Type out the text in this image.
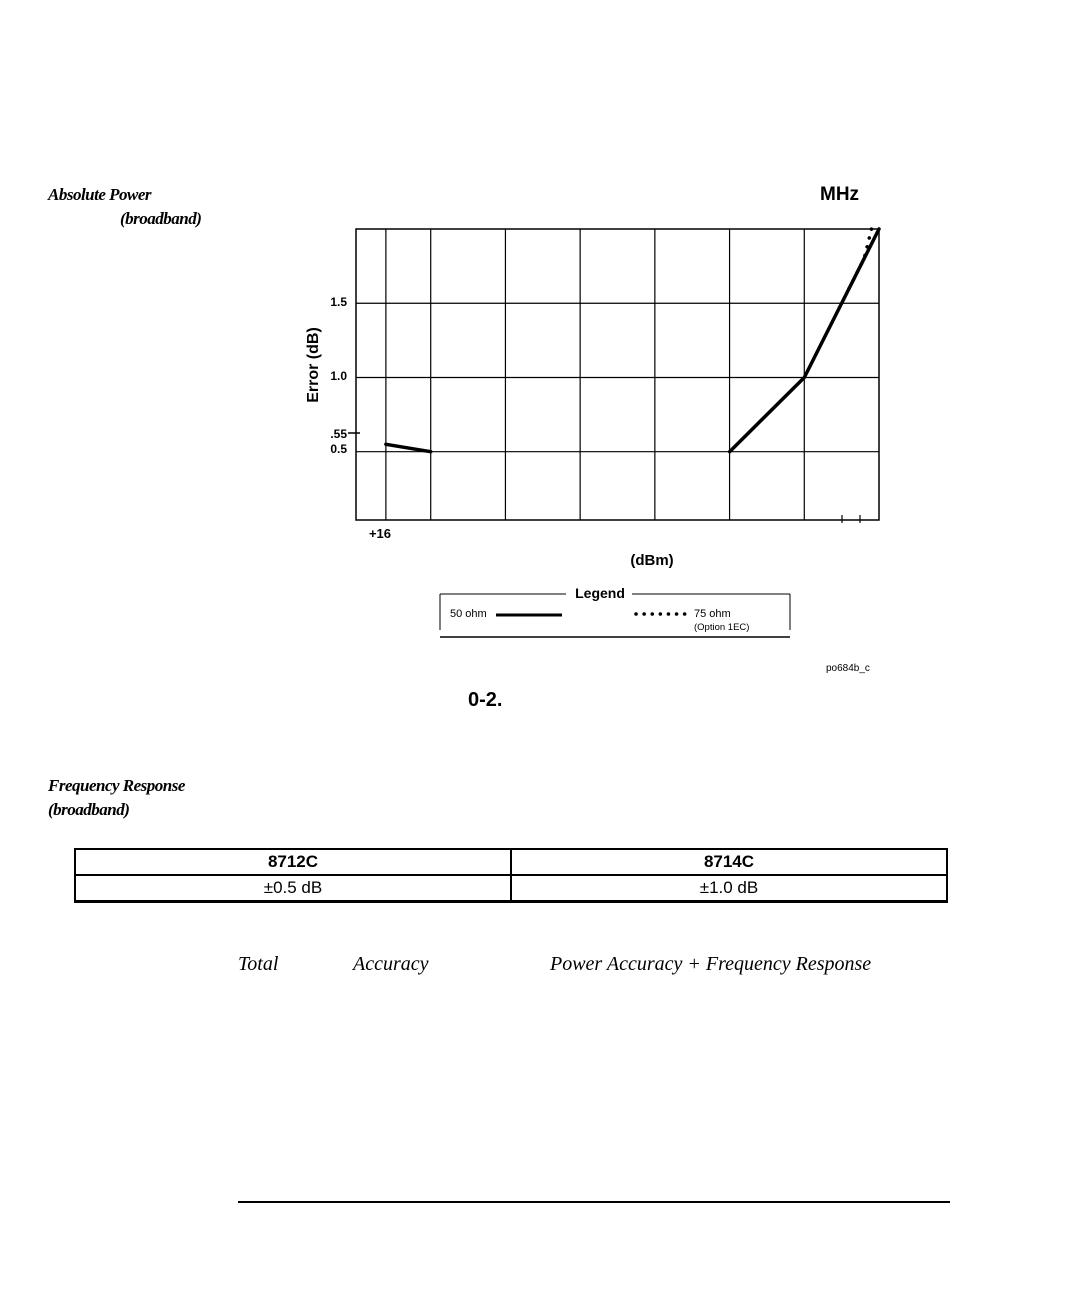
Absolute Power
(broadband)
MHz
1.5
1.0
.55
0.5
Error (dB)
+16
(dBm)
Legend
50 ohm	75 ohm
(Option 1EC)
po684b_c
0-2.
Frequency Response
(broadband)
8712C	8714C
±0.5 dB	±1.0 dB
Total	Accuracy	Power Accuracy + Frequency Response
